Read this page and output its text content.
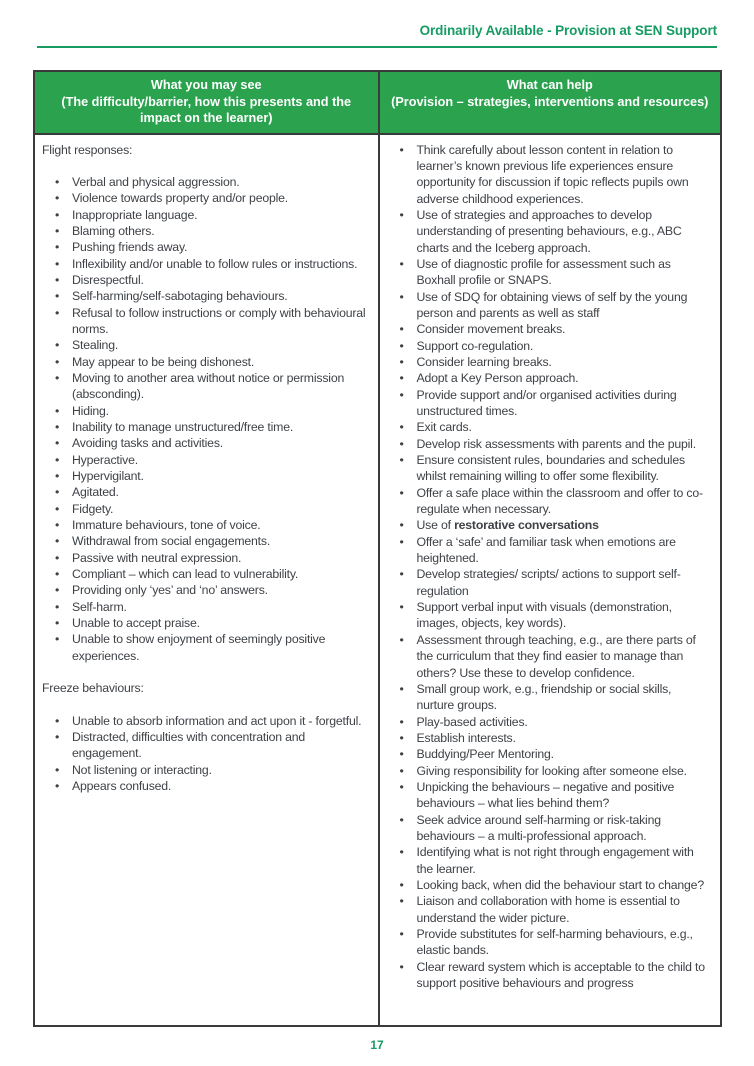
Ordinarily Available - Provision at SEN Support
What you may see
(The difficulty/barrier, how this presents and the impact on the learner)
What can help
(Provision – strategies, interventions and resources)
Flight responses:
• Verbal and physical aggression.
• Violence towards property and/or people.
• Inappropriate language.
• Blaming others.
• Pushing friends away.
• Inflexibility and/or unable to follow rules or instructions.
• Disrespectful.
• Self-harming/self-sabotaging behaviours.
• Refusal to follow instructions or comply with behavioural norms.
• Stealing.
• May appear to be being dishonest.
• Moving to another area without notice or permission (absconding).
• Hiding.
• Inability to manage unstructured/free time.
• Avoiding tasks and activities.
• Hyperactive.
• Hypervigilant.
• Agitated.
• Fidgety.
• Immature behaviours, tone of voice.
• Withdrawal from social engagements.
• Passive with neutral expression.
• Compliant – which can lead to vulnerability.
• Providing only ‘yes’ and ‘no’ answers.
• Self-harm.
• Unable to accept praise.
• Unable to show enjoyment of seemingly positive experiences.
Freeze behaviours:
• Unable to absorb information and act upon it - forgetful.
• Distracted, difficulties with concentration and engagement.
• Not listening or interacting.
• Appears confused.
• Think carefully about lesson content in relation to learner’s known previous life experiences ensure opportunity for discussion if topic reflects pupils own adverse childhood experiences.
• Use of strategies and approaches to develop understanding of presenting behaviours, e.g., ABC charts and the Iceberg approach.
• Use of diagnostic profile for assessment such as Boxhall profile or SNAPS.
• Use of SDQ for obtaining views of self by the young person and parents as well as staff
• Consider movement breaks.
• Support co-regulation.
• Consider learning breaks.
• Adopt a Key Person approach.
• Provide support and/or organised activities during unstructured times.
• Exit cards.
• Develop risk assessments with parents and the pupil.
• Ensure consistent rules, boundaries and schedules whilst remaining willing to offer some flexibility.
• Offer a safe place within the classroom and offer to co-regulate when necessary.
• Use of restorative conversations
• Offer a ‘safe’ and familiar task when emotions are heightened.
• Develop strategies/ scripts/ actions to support self-regulation
• Support verbal input with visuals (demonstration, images, objects, key words).
• Assessment through teaching, e.g., are there parts of the curriculum that they find easier to manage than others? Use these to develop confidence.
• Small group work, e.g., friendship or social skills, nurture groups.
• Play-based activities.
• Establish interests.
• Buddying/Peer Mentoring.
• Giving responsibility for looking after someone else.
• Unpicking the behaviours – negative and positive behaviours – what lies behind them?
• Seek advice around self-harming or risk-taking behaviours – a multi-professional approach.
• Identifying what is not right through engagement with the learner.
• Looking back, when did the behaviour start to change?
• Liaison and collaboration with home is essential to understand the wider picture.
• Provide substitutes for self-harming behaviours, e.g., elastic bands.
• Clear reward system which is acceptable to the child to support positive behaviours and progress
17
